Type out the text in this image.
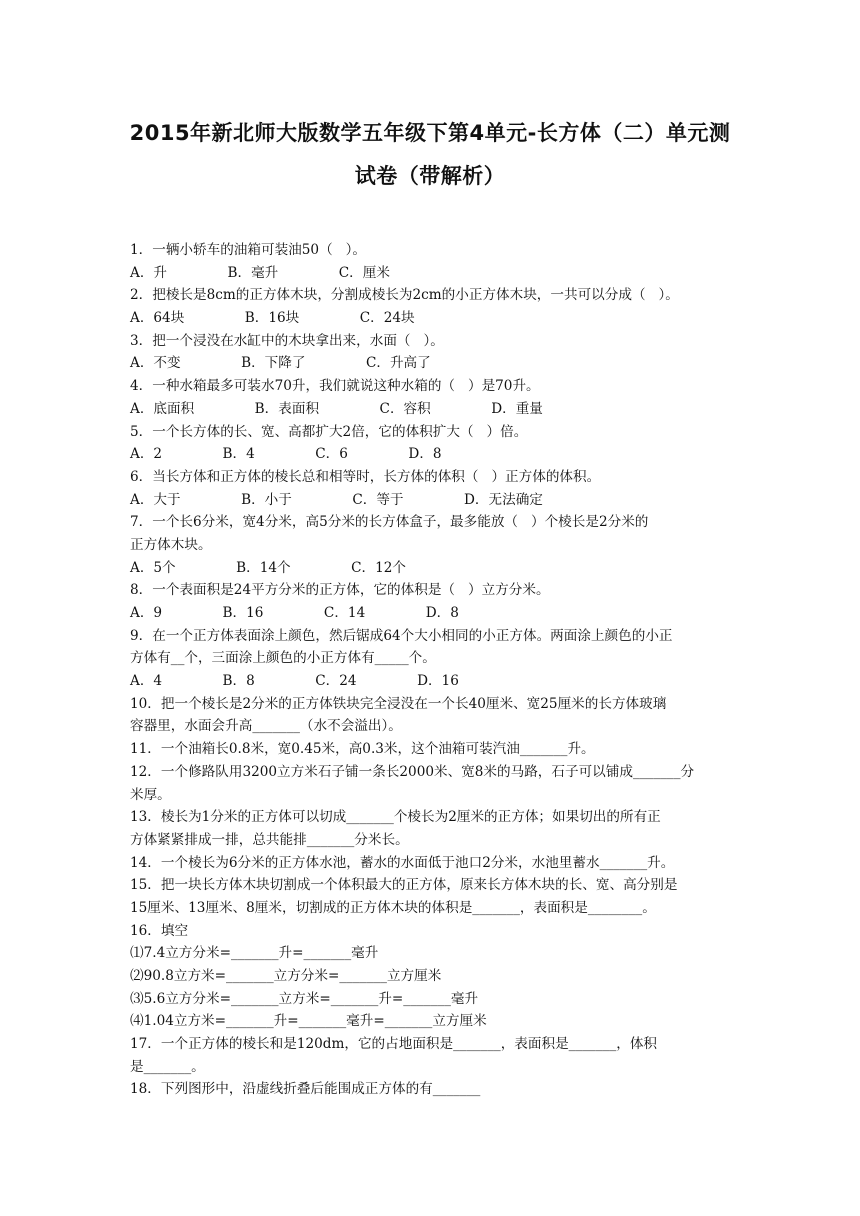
2015年新北师大版数学五年级下第4单元-长方体（二）单元测
试卷（带解析）
1．一辆小轿车的油箱可装油50（   ）。
A．升              B．毫升              C．厘米
2．把棱长是8cm的正方体木块，分割成棱长为2cm的小正方体木块，一共可以分成（   ）。
A．64块              B．16块              C．24块
3．把一个浸没在水缸中的木块拿出来，水面（   ）。
A．不变              B．下降了              C．升高了
4．一种水箱最多可装水70升，我们就说这种水箱的（   ）是70升。
A．底面积              B．表面积              C．容积              D．重量
5．一个长方体的长、宽、高都扩大2倍，它的体积扩大（   ）倍。
A．2              B．4              C．6              D．8
6．当长方体和正方体的棱长总和相等时，长方体的体积（   ）正方体的体积。
A．大于              B．小于              C．等于              D．无法确定
7．一个长6分米，宽4分米，高5分米的长方体盒子，最多能放（   ）个棱长是2分米的
正方体木块。
A．5个              B．14个              C．12个
8．一个表面积是24平方分米的正方体，它的体积是（   ）立方分米。
A．9              B．16              C．14              D．8
9．在一个正方体表面涂上颜色，然后锯成64个大小相同的小正方体。两面涂上颜色的小正
方体有__个，三面涂上颜色的小正方体有_____个。
A．4              B．8              C．24              D．16
10．把一个棱长是2分米的正方体铁块完全浸没在一个长40厘米、宽25厘米的长方体玻璃
容器里，水面会升高_______（水不会溢出）。
11．一个油箱长0.8米，宽0.45米，高0.3米，这个油箱可装汽油_______升。
12．一个修路队用3200立方米石子铺一条长2000米、宽8米的马路，石子可以铺成_______分
米厚。
13．棱长为1分米的正方体可以切成_______个棱长为2厘米的正方体；如果切出的所有正
方体紧紧排成一排，总共能排_______分米长。
14．一个棱长为6分米的正方体水池，蓄水的水面低于池口2分米，水池里蓄水_______升。
15．把一块长方体木块切割成一个体积最大的正方体，原来长方体木块的长、宽、高分别是
15厘米、13厘米、8厘米，切割成的正方体木块的体积是_______，表面积是________。
16．填空
⑴7.4立方分米=_______升=_______毫升
⑵90.8立方米=_______立方分米=_______立方厘米
⑶5.6立方分米=_______立方米=_______升=_______毫升
⑷1.04立方米=_______升=_______毫升=_______立方厘米
17．一个正方体的棱长和是120dm，它的占地面积是_______，表面积是_______，体积
是_______。
18．下列图形中，沿虚线折叠后能围成正方体的有_______
